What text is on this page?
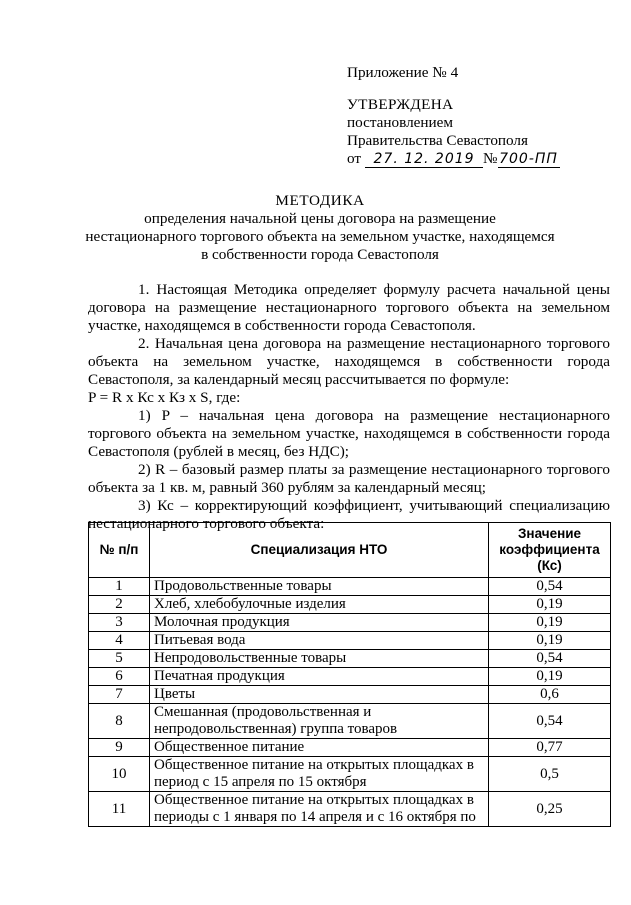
Приложение № 4
УТВЕРЖДЕНА
постановлением
Правительства Севастополя
от 27. 12. 2019 № 700-ПП
МЕТОДИКА
определения начальной цены договора на размещение
нестационарного торгового объекта на земельном участке, находящемся
в собственности города Севастополя

1. Настоящая Методика определяет формулу расчета начальной цены договора на размещение нестационарного торгового объекта на земельном участке, находящемся в собственности города Севастополя.

2. Начальная цена договора на размещение нестационарного торгового объекта на земельном участке, находящемся в собственности города Севастополя, за календарный месяц рассчитывается по формуле:

P = R x Кс x Кз x S, где:

1) P – начальная цена договора на размещение нестационарного торгового объекта на земельном участке, находящемся в собственности города Севастополя (рублей в месяц, без НДС);

2) R – базовый размер платы за размещение нестационарного торгового объекта за 1 кв. м, равный 360 рублям за календарный месяц;

3) Кс – корректирующий коэффициент, учитывающий специализацию нестационарного торгового объекта:

№ п/п	Специализация НТО	Значение коэффициента (Кс)
1	Продовольственные товары	0,54
2	Хлеб, хлебобулочные изделия	0,19
3	Молочная продукция	0,19
4	Питьевая вода	0,19
5	Непродовольственные товары	0,54
6	Печатная продукция	0,19
7	Цветы	0,6
8	Смешанная (продовольственная и непродовольственная) группа товаров	0,54
9	Общественное питание	0,77
10	Общественное питание на открытых площадках в период с 15 апреля по 15 октября	0,5
11	Общественное питание на открытых площадках в периоды с 1 января по 14 апреля и с 16 октября по	0,25
